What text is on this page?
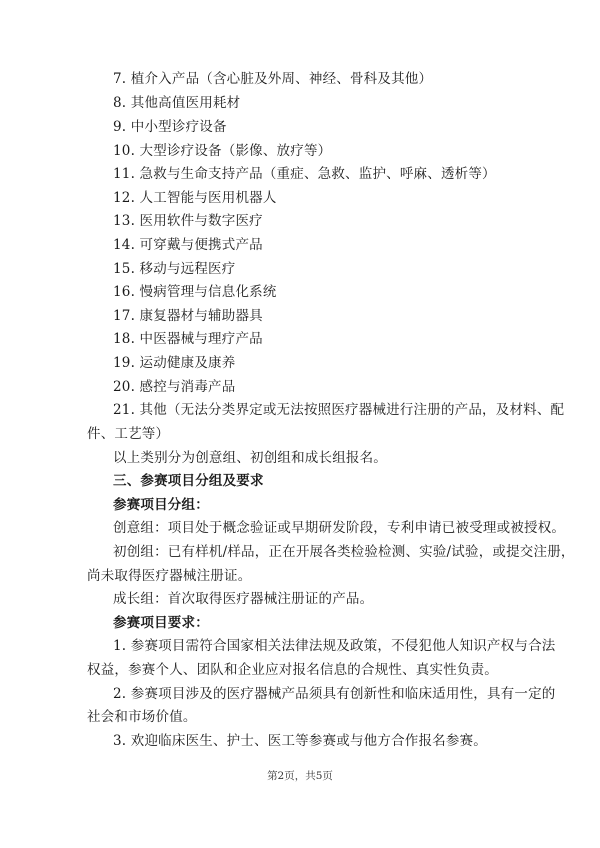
7. 植介入产品（含心脏及外周、神经、骨科及其他）
8. 其他高值医用耗材
9. 中小型诊疗设备
10. 大型诊疗设备（影像、放疗等）
11. 急救与生命支持产品（重症、急救、监护、呼麻、透析等）
12. 人工智能与医用机器人
13. 医用软件与数字医疗
14. 可穿戴与便携式产品
15. 移动与远程医疗
16. 慢病管理与信息化系统
17. 康复器材与辅助器具
18. 中医器械与理疗产品
19. 运动健康及康养
20. 感控与消毒产品
21. 其他（无法分类界定或无法按照医疗器械进行注册的产品，及材料、配
件、工艺等）
以上类别分为创意组、初创组和成长组报名。
三、参赛项目分组及要求
参赛项目分组：
创意组：项目处于概念验证或早期研发阶段，专利申请已被受理或被授权。
初创组：已有样机/样品，正在开展各类检验检测、实验/试验，或提交注册，
尚未取得医疗器械注册证。
成长组：首次取得医疗器械注册证的产品。
参赛项目要求：
1. 参赛项目需符合国家相关法律法规及政策，不侵犯他人知识产权与合法
权益，参赛个人、团队和企业应对报名信息的合规性、真实性负责。
2. 参赛项目涉及的医疗器械产品须具有创新性和临床适用性，具有一定的
社会和市场价值。
3. 欢迎临床医生、护士、医工等参赛或与他方合作报名参赛。
第2页，共5页
